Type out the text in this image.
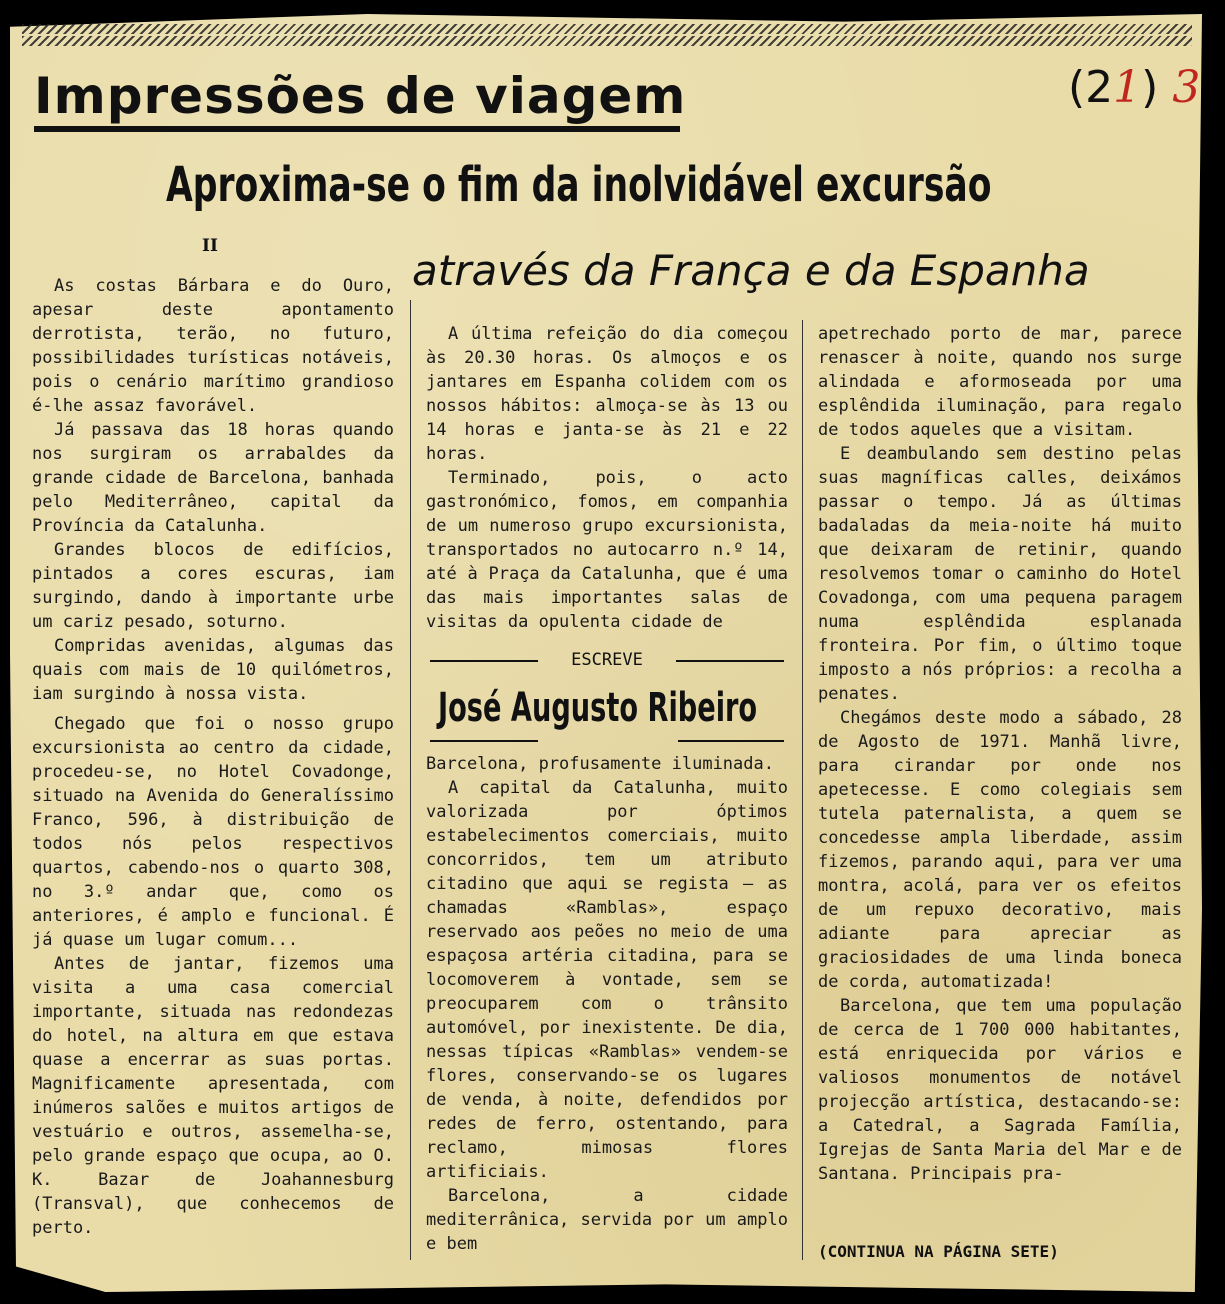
Impressões de viagem	(21) 3
Aproxima-se o fim da inolvidável excursão
II	através da França e da Espanha

As costas Bárbara e do Ouro, apesar deste apontamento derrotista, terão, no futuro, possibilidades turísticas notáveis, pois o cenário marítimo grandioso é-lhe assaz favorável.

Já passava das 18 horas quando nos surgiram os arrabaldes da grande cidade de Barcelona, banhada pelo Mediterrâneo, capital da Província da Catalunha.

Grandes blocos de edifícios, pintados a cores escuras, iam surgindo, dando à importante urbe um cariz pesado, soturno.

Compridas avenidas, algumas das quais com mais de 10 quilómetros, iam surgindo à nossa vista.

Chegado que foi o nosso grupo excursionista ao centro da cidade, procedeu-se, no Hotel Covadonge, situado na Avenida do Generalíssimo Franco, 596, à distribuição de todos nós pelos respectivos quartos, cabendo-nos o quarto 308, no 3.º andar que, como os anteriores, é amplo e funcional. É já quase um lugar comum...

Antes de jantar, fizemos uma visita a uma casa comercial importante, situada nas redondezas do hotel, na altura em que estava quase a encerrar as suas portas. Magnificamente apresentada, com inúmeros salões e muitos artigos de vestuário e outros, assemelha-se, pelo grande espaço que ocupa, ao O. K. Bazar de Joahannesburg (Transval), que conhecemos de perto.

A última refeição do dia começou às 20.30 horas. Os almoços e os jantares em Espanha colidem com os nossos hábitos: almoça-se às 13 ou 14 horas e janta-se às 21 e 22 horas.

Terminado, pois, o acto gastronómico, fomos, em companhia de um numeroso grupo excursionista, transportados no autocarro n.º 14, até à Praça da Catalunha, que é uma das mais importantes salas de visitas da opulenta cidade de

ESCREVE
José Augusto Ribeiro

Barcelona, profusamente iluminada.

A capital da Catalunha, muito valorizada por óptimos estabelecimentos comerciais, muito concorridos, tem um atributo citadino que aqui se regista — as chamadas «Ramblas», espaço reservado aos peões no meio de uma espaçosa artéria citadina, para se locomoverem à vontade, sem se preocuparem com o trânsito automóvel, por inexistente. De dia, nessas típicas «Ramblas» vendem-se flores, conservando-se os lugares de venda, à noite, defendidos por redes de ferro, ostentando, para reclamo, mimosas flores artificiais.

Barcelona, a cidade mediterrânica, servida por um amplo e bem

apetrechado porto de mar, parece renascer à noite, quando nos surge alindada e aformoseada por uma esplêndida iluminação, para regalo de todos aqueles que a visitam.

E deambulando sem destino pelas suas magníficas calles, deixámos passar o tempo. Já as últimas badaladas da meia-noite há muito que deixaram de retinir, quando resolvemos tomar o caminho do Hotel Covadonga, com uma pequena paragem numa esplêndida esplanada fronteira. Por fim, o último toque imposto a nós próprios: a recolha a penates.

Chegámos deste modo a sábado, 28 de Agosto de 1971. Manhã livre, para cirandar por onde nos apetecesse. E como colegiais sem tutela paternalista, a quem se concedesse ampla liberdade, assim fizemos, parando aqui, para ver uma montra, acolá, para ver os efeitos de um repuxo decorativo, mais adiante para apreciar as graciosidades de uma linda boneca de corda, automatizada!

Barcelona, que tem uma população de cerca de 1 700 000 habitantes, está enriquecida por vários e valiosos monumentos de notável projecção artística, destacando-se: a Catedral, a Sagrada Família, Igrejas de Santa Maria del Mar e de Santana. Principais pra-

(CONTINUA NA PÁGINA SETE)
